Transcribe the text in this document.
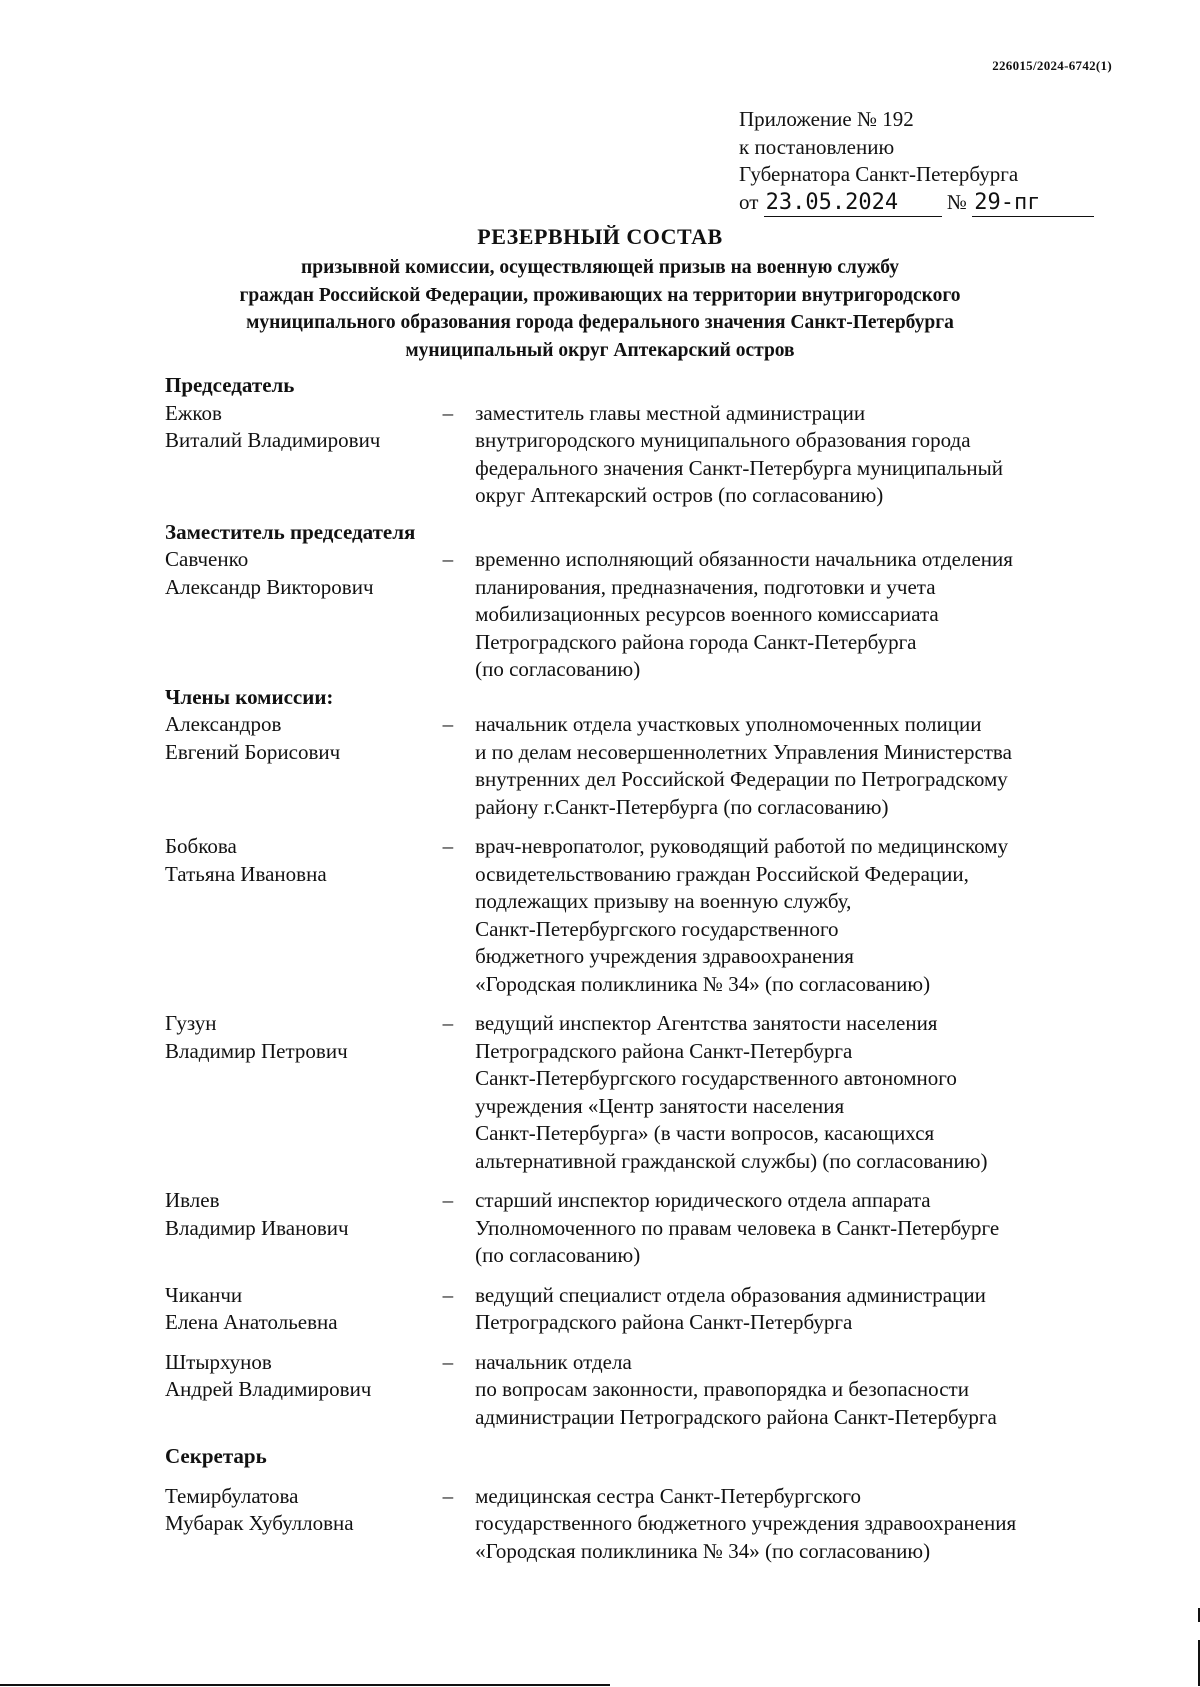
226015/2024-6742(1)
Приложение № 192
к постановлению
Губернатора Санкт-Петербурга
от 23.05.2024 № 29-пг
РЕЗЕРВНЫЙ СОСТАВ
призывной комиссии, осуществляющей призыв на военную службу
граждан Российской Федерации, проживающих на территории внутригородского
муниципального образования города федерального значения Санкт-Петербурга
муниципальный округ Аптекарский остров
Председатель
Ежков
Виталий Владимирович
–	заместитель главы местной администрации
внутригородского муниципального образования города
федерального значения Санкт-Петербурга муниципальный
округ Аптекарский остров (по согласованию)
Заместитель председателя
Савченко
Александр Викторович
–	временно исполняющий обязанности начальника отделения
планирования, предназначения, подготовки и учета
мобилизационных ресурсов военного комиссариата
Петроградского района города Санкт-Петербурга
(по согласованию)
Члены комиссии:
Александров
Евгений Борисович
–	начальник отдела участковых уполномоченных полиции
и по делам несовершеннолетних Управления Министерства
внутренних дел Российской Федерации по Петроградскому
району г.Санкт-Петербурга (по согласованию)
Бобкова
Татьяна Ивановна
–	врач-невропатолог, руководящий работой по медицинскому
освидетельствованию граждан Российской Федерации,
подлежащих призыву на военную службу,
Санкт-Петербургского государственного
бюджетного учреждения здравоохранения
«Городская поликлиника № 34» (по согласованию)
Гузун
Владимир Петрович
–	ведущий инспектор Агентства занятости населения
Петроградского района Санкт-Петербурга
Санкт-Петербургского государственного автономного
учреждения «Центр занятости населения
Санкт-Петербурга» (в части вопросов, касающихся
альтернативной гражданской службы) (по согласованию)
Ивлев
Владимир Иванович
–	старший инспектор юридического отдела аппарата
Уполномоченного по правам человека в Санкт-Петербурге
(по согласованию)
Чиканчи
Елена Анатольевна
–	ведущий специалист отдела образования администрации
Петроградского района Санкт-Петербурга
Штырхунов
Андрей Владимирович
–	начальник отдела
по вопросам законности, правопорядка и безопасности
администрации Петроградского района Санкт-Петербурга
Секретарь
Темирбулатова
Мубарак Хубулловна
–	медицинская сестра Санкт-Петербургского
государственного бюджетного учреждения здравоохранения
«Городская поликлиника № 34» (по согласованию)
